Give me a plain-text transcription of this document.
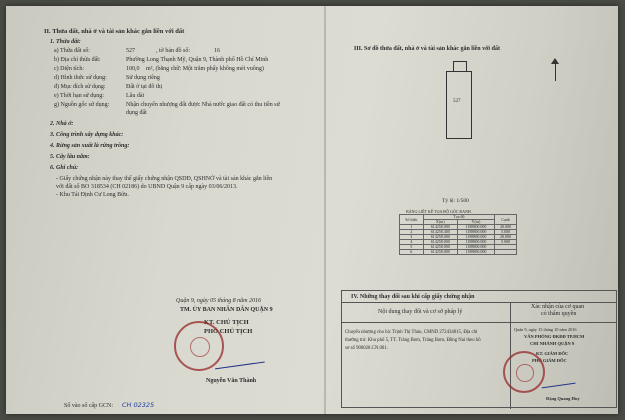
II. Thửa đất, nhà ở và tài sản khác gắn liền với đất
1. Thửa đất:
a) Thửa đất số:	527	, tờ bản đồ số:	16
b) Địa chỉ thửa đất:	Phường Long Thạnh Mỹ, Quận 9, Thành phố Hồ Chí Minh
c) Diện tích:	100,0 m², (bằng chữ: Một trăm phẩy không mét vuông)
d) Hình thức sử dụng:	Sử dụng riêng
đ) Mục đích sử dụng:	Đất ở tại đô thị
e) Thời hạn sử dụng:	Lâu dài
g) Nguồn gốc sử dụng:	Nhận chuyển nhượng đất được Nhà nước giao đất có thu tiền sử
dụng đất
2. Nhà ở:
3. Công trình xây dựng khác:
4. Rừng sản xuất là rừng trồng:
5. Cây lâu năm:
6. Ghi chú:
- Giấy chứng nhận này thay thế giấy chứng nhận QSDĐ, QSHNỞ và tài sản khác gắn liền
với đất số BO 318534 (CH 02186) do UBND Quận 9 cấp ngày 03/06/2013.
- Khu Tái Định Cư Long Bửu.
Quận 9, ngày 05 tháng 8 năm 2016
TM. ỦY BAN NHÂN DÂN QUẬN 9
KT. CHỦ TỊCH
PHÓ CHỦ TỊCH
Nguyễn Văn Thành
Số vào sổ cấp GCN: CH 02325
III. Sơ đồ thửa đất, nhà ở và tài sản khác gắn liền với đất
527
Tỷ lệ: 1/500
BẢNG LIỆT KÊ TỌA ĐỘ GÓC RANH
Số hiệu	Tọa độ		Cạnh
	X(m)	Y(m)	
1	614258.000	1188800.000	20.000
2	614258.400	1188800.000	5.000
3	614258.000	1188800.000	20.000
4	614258.000	1188800.000	5.000
5	614258.000	1188800.000	
6	614258.000	1188800.000	
IV. Những thay đổi sau khi cấp giấy chứng nhận
Nội dung thay đổi và cơ sở pháp lý
Xác nhận của cơ quan
có thẩm quyền
Chuyển nhượng cho bà: Trịnh Thị Thảo, CMND 272434015, Địa chỉ
thường trú: Khu phố 5, TT. Trảng Bom, Trảng Bom, Đồng Nai theo hồ
sơ số 900028.CN.001.
Quận 9, ngày 15 tháng 10 năm 2016
VĂN PHÒNG ĐKĐĐ TP.HCM
CHI NHÁNH QUẬN 9
KT. GIÁM ĐỐC
PHÓ GIÁM ĐỐC
Đặng Quang Huy
